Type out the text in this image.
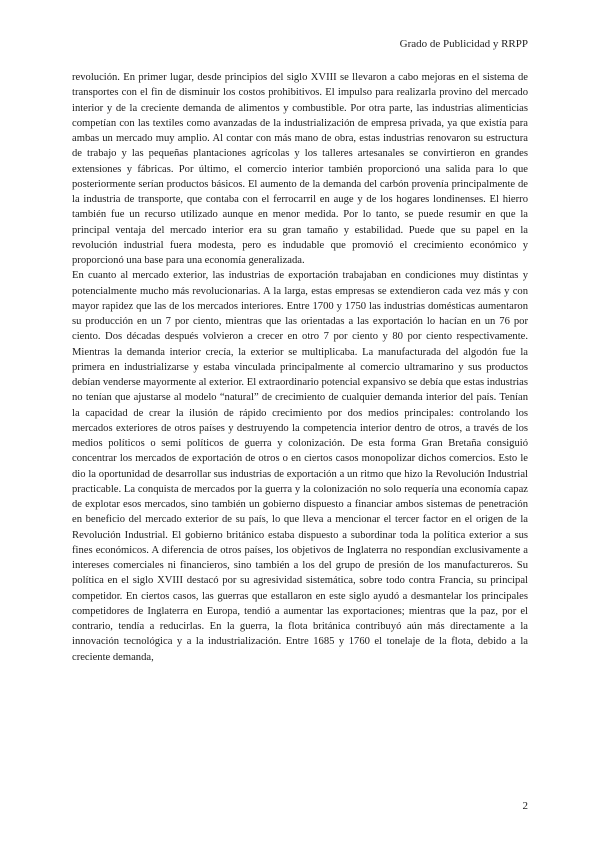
Grado de Publicidad y RRPP

revolución. En primer lugar, desde principios del siglo XVIII se llevaron a cabo mejoras en el sistema de transportes con el fin de disminuir los costos prohibitivos. El impulso para realizarla provino del mercado interior y de la creciente demanda de alimentos y combustible. Por otra parte, las industrias alimenticias competían con las textiles como avanzadas de la industrialización de empresa privada, ya que existía para ambas un mercado muy amplio. Al contar con más mano de obra, estas industrias renovaron su estructura de trabajo y las pequeñas plantaciones agrícolas y los talleres artesanales se convirtieron en grandes extensiones y fábricas. Por último, el comercio interior también proporcionó una salida para lo que posteriormente serían productos básicos. El aumento de la demanda del carbón provenía principalmente de la industria de transporte, que contaba con el ferrocarril en auge y de los hogares londinenses. El hierro también fue un recurso utilizado aunque en menor medida. Por lo tanto, se puede resumir en que la principal ventaja del mercado interior era su gran tamaño y estabilidad. Puede que su papel en la revolución industrial fuera modesta, pero es indudable que promovió el crecimiento económico y proporcionó una base para una economía generalizada.

En cuanto al mercado exterior, las industrias de exportación trabajaban en condiciones muy distintas y potencialmente mucho más revolucionarias. A la larga, estas empresas se extendieron cada vez más y con mayor rapidez que las de los mercados interiores. Entre 1700 y 1750 las industrias domésticas aumentaron su producción en un 7 por ciento, mientras que las orientadas a las exportación lo hacían en un 76 por ciento. Dos décadas después volvieron a crecer en otro 7 por ciento y 80 por ciento respectivamente. Mientras la demanda interior crecía, la exterior se multiplicaba. La manufacturada del algodón fue la primera en industrializarse y estaba vinculada principalmente al comercio ultramarino y sus productos debían venderse mayormente al exterior. El extraordinario potencial expansivo se debía que estas industrias no tenían que ajustarse al modelo “natural” de crecimiento de cualquier demanda interior del país. Tenían la capacidad de crear la ilusión de rápido crecimiento por dos medios principales: controlando los mercados exteriores de otros países y destruyendo la competencia interior dentro de otros, a través de los medios políticos o semi políticos de guerra y colonización. De esta forma Gran Bretaña consiguió concentrar los mercados de exportación de otros o en ciertos casos monopolizar dichos comercios. Esto le dio la oportunidad de desarrollar sus industrias de exportación a un ritmo que hizo la Revolución Industrial practicable. La conquista de mercados por la guerra y la colonización no solo requería una economía capaz de explotar esos mercados, sino también un gobierno dispuesto a financiar ambos sistemas de penetración en beneficio del mercado exterior de su país, lo que lleva a mencionar el tercer factor en el origen de la Revolución Industrial. El gobierno británico estaba dispuesto a subordinar toda la política exterior a sus fines económicos. A diferencia de otros países, los objetivos de Inglaterra no respondían exclusivamente a intereses comerciales ni financieros, sino también a los del grupo de presión de los manufactureros. Su política en el siglo XVIII destacó por su agresividad sistemática, sobre todo contra Francia, su principal competidor. En ciertos casos, las guerras que estallaron en este siglo ayudó a desmantelar los principales competidores de Inglaterra en Europa, tendió a aumentar las exportaciones; mientras que la paz, por el contrario, tendía a reducirlas. En la guerra, la flota británica contribuyó aún más directamente a la innovación tecnológica y a la industrialización. Entre 1685 y 1760 el tonelaje de la flota, debido a la creciente demanda,

2
